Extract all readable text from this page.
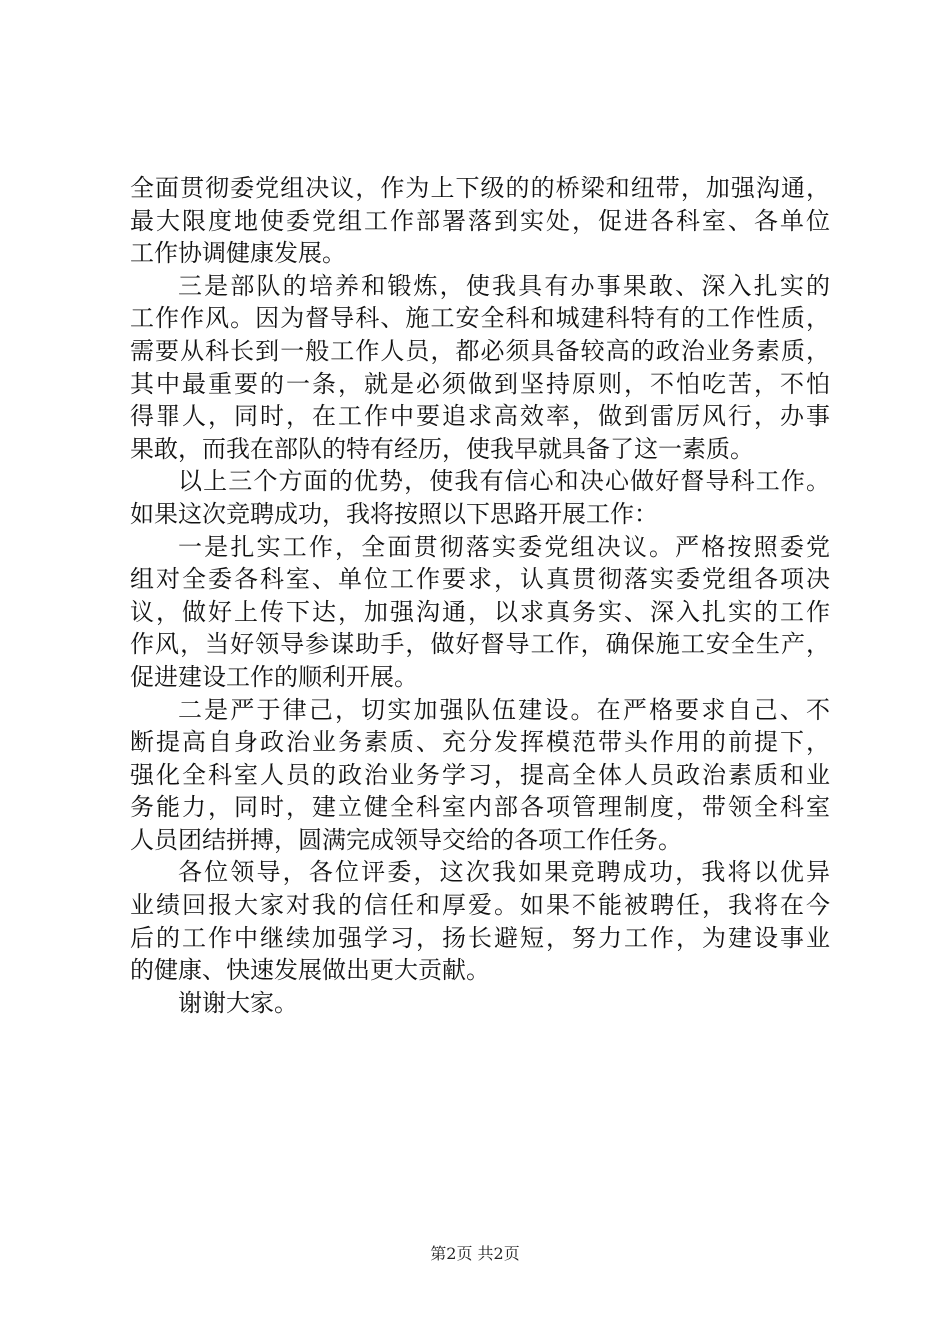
全面贯彻委党组决议，作为上下级的的桥梁和纽带，加强沟通，
最大限度地使委党组工作部署落到实处，促进各科室、各单位
工作协调健康发展。
三是部队的培养和锻炼，使我具有办事果敢、深入扎实的
工作作风。因为督导科、施工安全科和城建科特有的工作性质，
需要从科长到一般工作人员，都必须具备较高的政治业务素质，
其中最重要的一条，就是必须做到坚持原则，不怕吃苦，不怕
得罪人，同时，在工作中要追求高效率，做到雷厉风行，办事
果敢，而我在部队的特有经历，使我早就具备了这一素质。
以上三个方面的优势，使我有信心和决心做好督导科工作。
如果这次竞聘成功，我将按照以下思路开展工作：
一是扎实工作，全面贯彻落实委党组决议。严格按照委党
组对全委各科室、单位工作要求，认真贯彻落实委党组各项决
议，做好上传下达，加强沟通，以求真务实、深入扎实的工作
作风，当好领导参谋助手，做好督导工作，确保施工安全生产，
促进建设工作的顺利开展。
二是严于律己，切实加强队伍建设。在严格要求自己、不
断提高自身政治业务素质、充分发挥模范带头作用的前提下，
强化全科室人员的政治业务学习，提高全体人员政治素质和业
务能力，同时，建立健全科室内部各项管理制度，带领全科室
人员团结拼搏，圆满完成领导交给的各项工作任务。
各位领导，各位评委，这次我如果竞聘成功，我将以优异
业绩回报大家对我的信任和厚爱。如果不能被聘任，我将在今
后的工作中继续加强学习，扬长避短，努力工作，为建设事业
的健康、快速发展做出更大贡献。
谢谢大家。
第2页 共2页
